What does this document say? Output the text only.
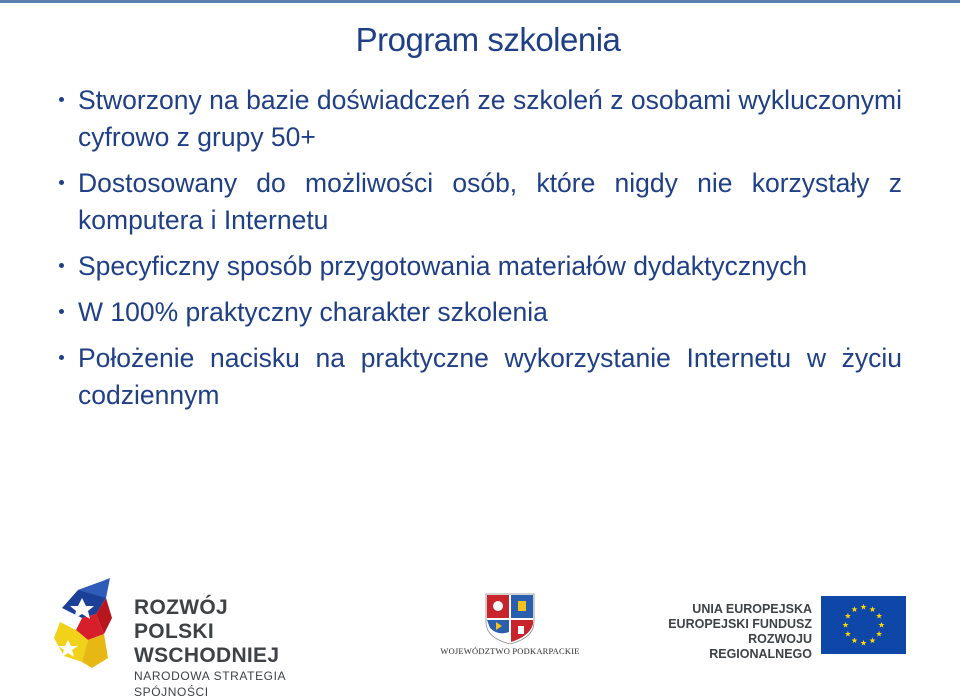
Program szkolenia
Stworzony na bazie doświadczeń ze szkoleń z osobami wykluczonymi cyfrowo z grupy 50+
Dostosowany do możliwości osób, które nigdy nie korzystały z komputera i Internetu
Specyficzny sposób przygotowania materiałów dydaktycznych
W 100% praktyczny charakter szkolenia
Położenie nacisku na praktyczne wykorzystanie Internetu w życiu codziennym
ROZWÓJ
POLSKI WSCHODNIEJ
NARODOWA STRATEGIA SPÓJNOŚCI
WOJEWÓDZTWO PODKARPACKIE
UNIA EUROPEJSKA
EUROPEJSKI FUNDUSZ
ROZWOJU REGIONALNEGO
